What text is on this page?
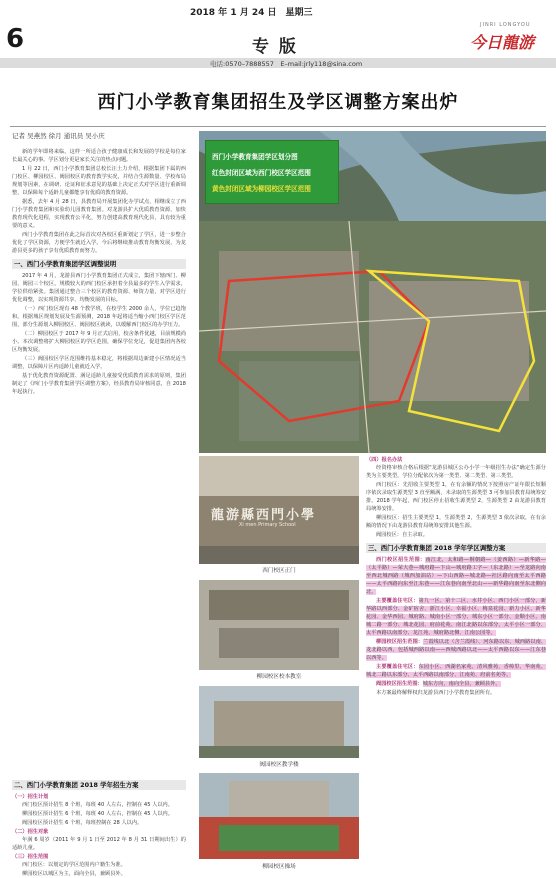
2018 年 1 月 24 日　星期三
6	专 版
JINRI LONGYOU
今日龍游
电话:0570–7888557　E–mail:jrly118@sina.com
西门小学教育集团招生及学区调整方案出炉
记者 吴燕然 徐月 通讯员 吴小庆

新的学年即将来临。这样一所适合孩子健康成长和发展的学校是每位家长最关心的事。学区划分更是家长关注的热点问题。

1 月 22 日，西门小学教育集团总校长汪土力介绍，根据集团下属的西门校区、柳园校区、阀园校区的教育教学实况，并结合生源数量、学校布局规划等因素，在调研、论证和征求意见的基础上决定正式对学区进行重新调整，以保障每个适龄儿童都能享有优质的教育资源。

据悉，去年 4 月 28 日，县教育局开展集团化办学试点，相继成立了西门小学教育集团和实验幼儿园教育集团。对龙游县扩大优质教育资源，加快教育现代化进程，实现教育公平化，努力创建高教育现代化县，具有较为重要的意义。

西门小学教育集团在此之际首次对各校区重新划定了学区，进一步整合优化了学区资源，方便学生就近入学。今后将继续推动教育均衡发展，为龙游县更多的孩子享有优质教育而努力。

一、西门小学教育集团学区调整说明

2017 年 4 月，龙游县西门小学教育集团正式成立，集团下辖西门、柳园、阀园三个校区。规模较大的西门校区承担着全县最多的学生入学需求，学位供给紧张。集团通过整合三个校区的教育资源、师资力量，对学区进行优化调整，以实现资源共享、均衡发展的目标。

（一）西门校区现有 48 个教学班，在校学生 2000 余人，学位已趋饱和。根据城区规划发展及生源预测，2018 年起将适当缩小西门校区学区范围，部分生源划入柳园校区、阀园校区就读，以缓解西门校区的办学压力。

（二）柳园校区于 2017 年 9 月正式启用，校舍条件优越，目前规模尚小。本次调整将扩大柳园校区的学区范围，确保学位充足，促进集团内各校区均衡发展。

（三）阀园校区学区范围维持基本稳定，将根据周边新建小区情况适当调整，以保障片区内适龄儿童就近入学。

基于优化教育资源配置、满足适龄儿童接受优质教育需求的原则，集团制定了《西门小学教育集团学区调整方案》，经县教育局审核同意，自 2018 年起执行。

二、西门小学教育集团 2018 学年招生方案
（一）招生计划

西门校区预计招生 8 个班，每班 40 人左右，控制在 45 人以内。

柳园校区预计招生 6 个班，每班 40 人左右，控制在 45 人以内。

阀园校区预计招生 6 个班，每班控制在 28 人以内。

（二）招生对象

年满 6 周岁（2011 年 9 月 1 日至 2012 年 8 月 31 日期间出生）的适龄儿童。

（三）招生范围

西门校区：以划定的学区范围内户籍生为准。

柳园校区以城区为主，面向全县，兼顾县外。

西门小学教育集团学区划分图
红色封闭区域为西门校区学区范围
黄色封闭区域为柳园校区学区范围
龍游縣西門小學
Xi men Primary School
西门校区正门
柳园校区校本教室
阀园校区教学楼
柳园校区操场
（四）报名办法

经资格审核合格后根据"龙游县城区公办小学一年级招生办法"确定生源分类为主要类型，学位分配依次为第一类型、第二类型、第三类型。

西门校区：先招收主要类型 1，在有余额的情况下按照房产证年限长短顺序依次录取生源类型 3 直至额满，未录取的生源类型 3 可参加县教育局统筹安排。2018 学年起，西门校区停止招收生源类型 2，生源类型 2 由龙游县教育局统筹安排。

柳园校区：招生主要类型 1，生源类型 2，生源类型 3 依次录取，在有余额的情况下由龙游县教育局统筹安排其他生源。

阀园校区：自主录取。

三、西门小学教育集团 2018 学年学区调整方案

西门校区招生范围：南江北，太和路—桐朝路—（姜西路）—新华路—（太平路）—荣大巷—城府路—卞山—城府路工字—（东北路）—至龙路向南至西北城西路（城西加油站）—下山西路—城北路—社区路向南至太平西路——太平西路向东至江东巷——江东巷向南至北山——新华路向南至东北侧向北。

主要覆盖住宅区：第九一区、第十二区、水井小区、西门小区一部分、新华路以西部分、金矿宿舍、浙江小区、幸福小区、梅泉花园、新力小区、新华花园、金华西园、城府路、城南小区一部分、城东小区一部分、金顺小区、南城二路一部分、城北花园、府前花苑、南江北路以东部分、太平小区一部分、太平西路以南部分、龙江苑、城府路北侧、江南公园等。

柳园校区招生范围：兰霞线以北（含兰霞线）、河东路以东、城西路以南、龙北路以西，包括城西路以南——西城西路以北——太平西路以东——江东巷以西等。

主要覆盖住宅区：东园小区、西湖名家苑、清风雅苑、香樟里、华南苑、城北二路以东部分、太平西路以南部分、江南苑、府前名苑等。

阀园校区招生范围：城东方向，南向全县，兼顾县外。

本方案最终解释权归龙游县西门小学教育集团所有。
